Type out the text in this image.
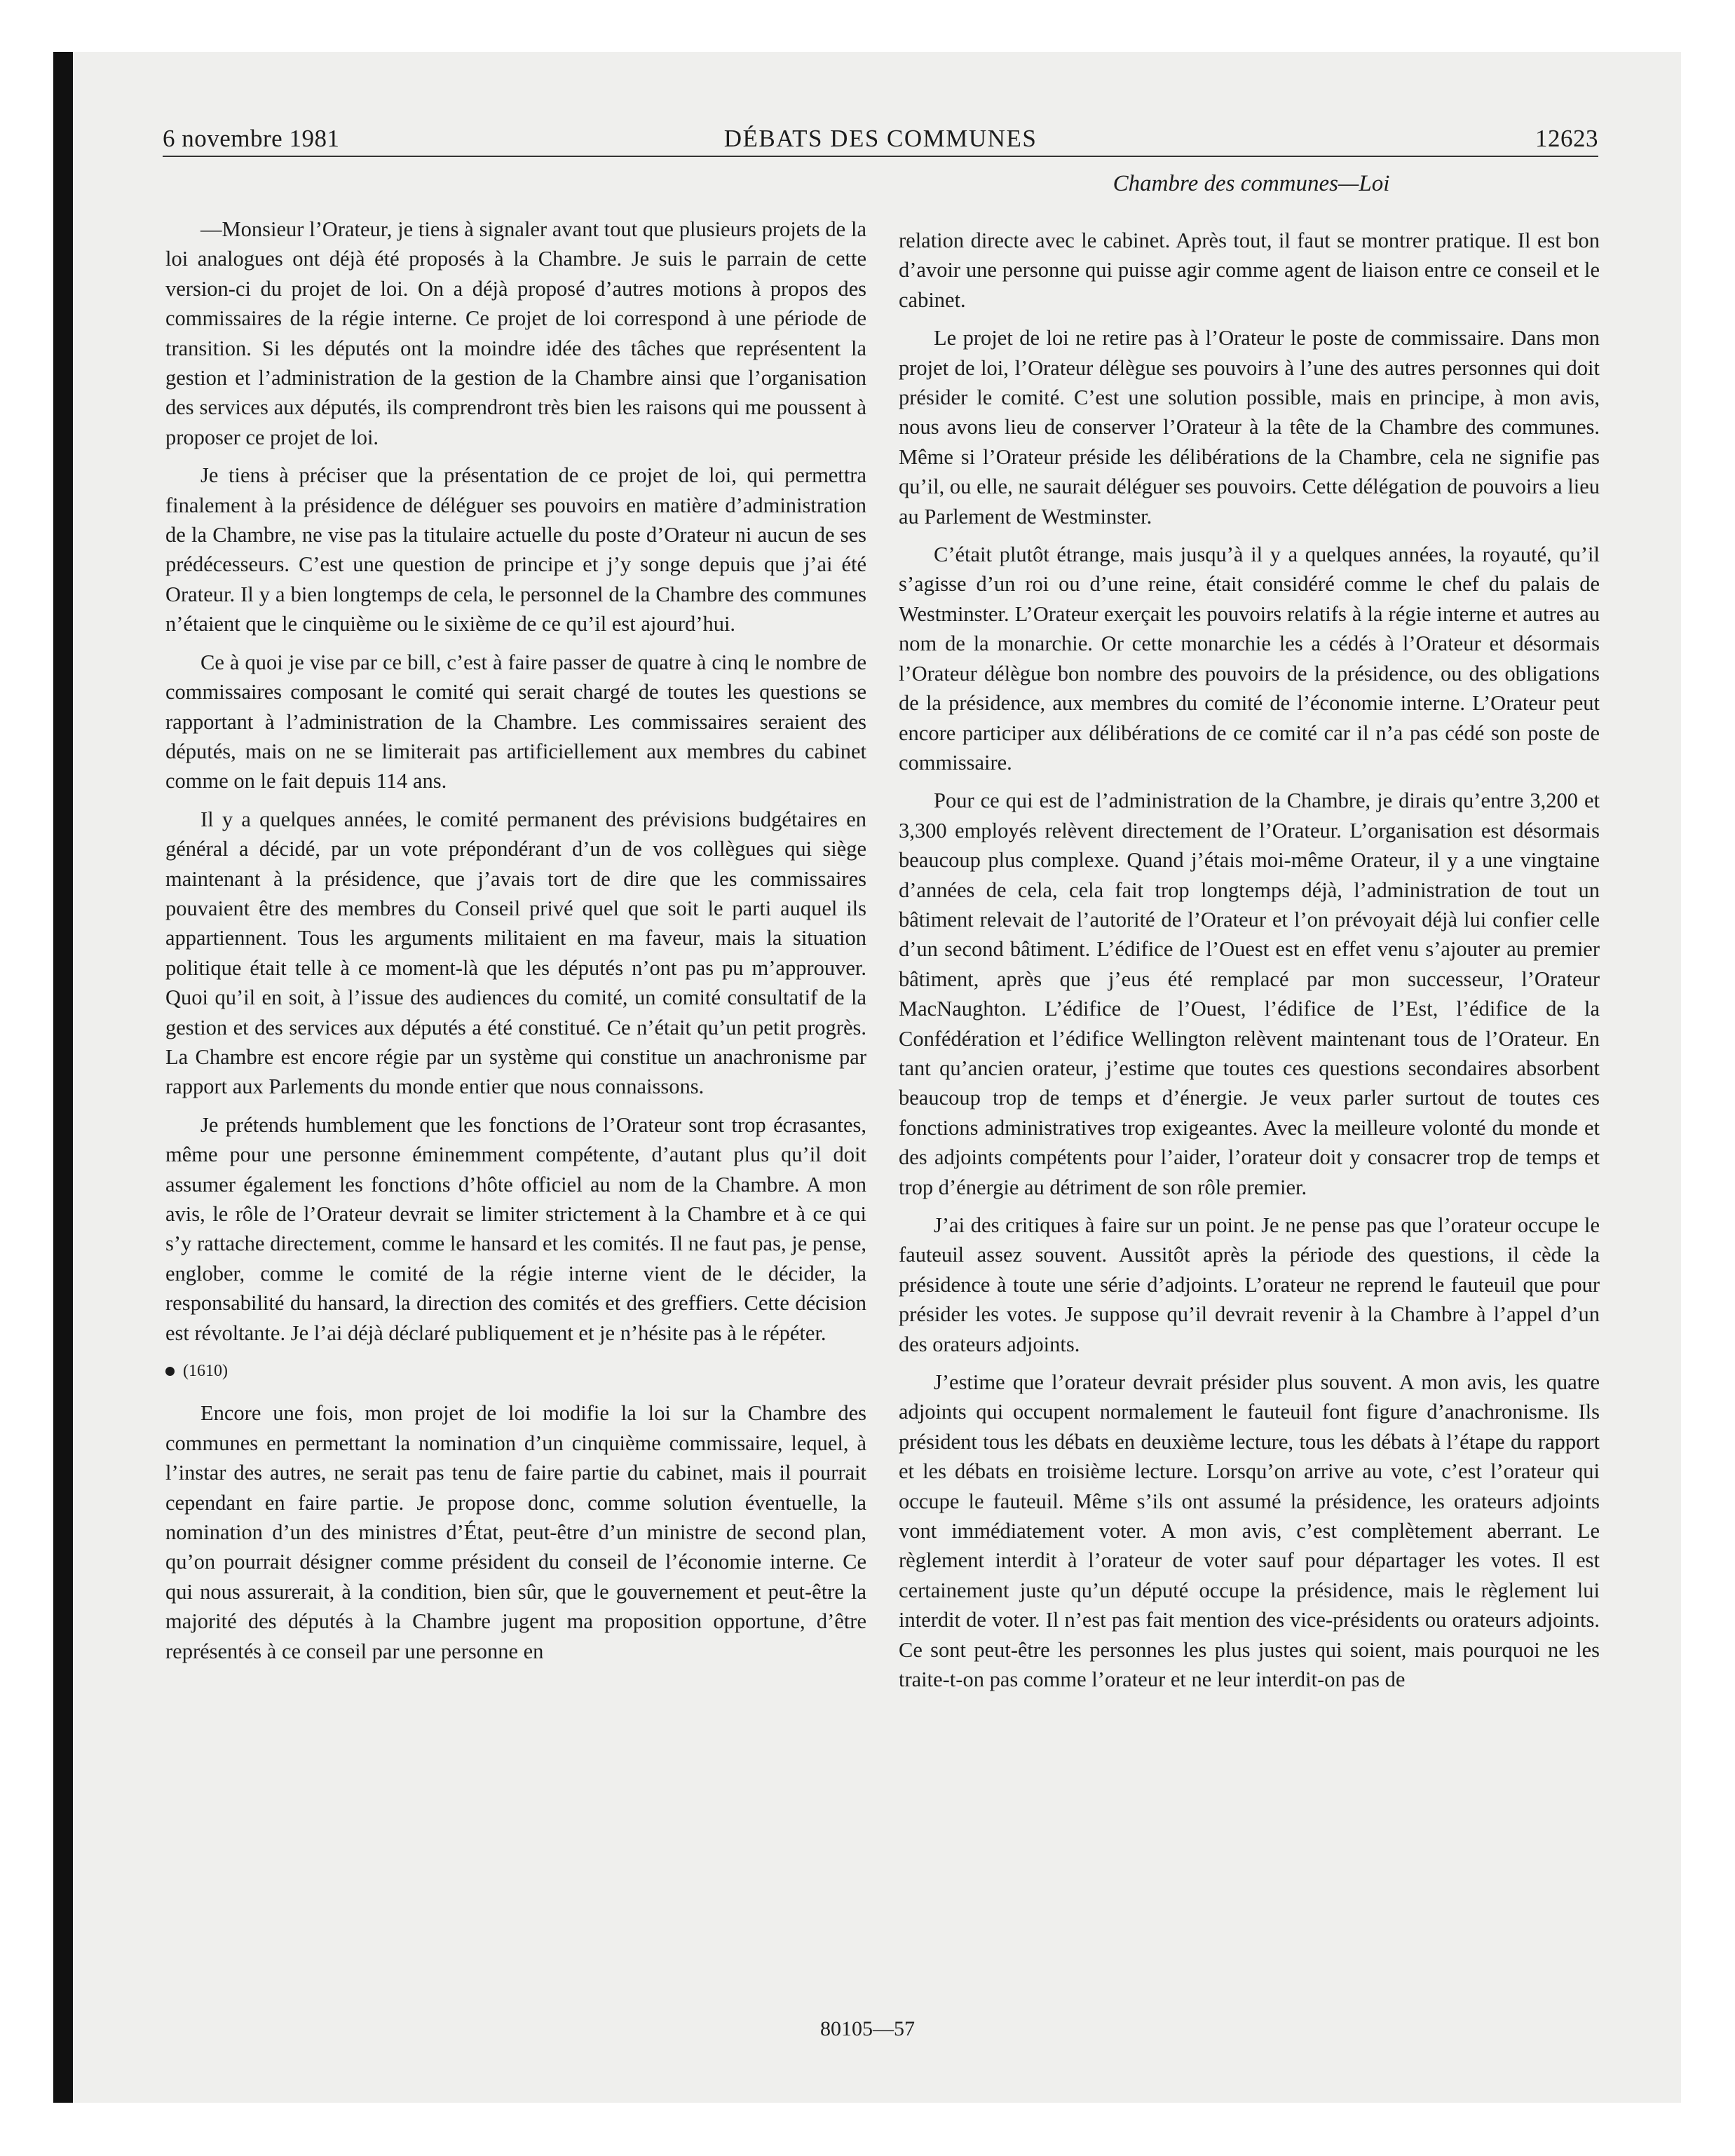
6 novembre 1981	DÉBATS DES COMMUNES	12623
Chambre des communes—Loi

—Monsieur l’Orateur, je tiens à signaler avant tout que plusieurs projets de la loi analogues ont déjà été proposés à la Chambre. Je suis le parrain de cette version-ci du projet de loi. On a déjà proposé d’autres motions à propos des commissaires de la régie interne. Ce projet de loi correspond à une période de transition. Si les députés ont la moindre idée des tâches que représentent la gestion et l’administration de la gestion de la Chambre ainsi que l’organisation des services aux députés, ils comprendront très bien les raisons qui me poussent à proposer ce projet de loi.

Je tiens à préciser que la présentation de ce projet de loi, qui permettra finalement à la présidence de déléguer ses pouvoirs en matière d’administration de la Chambre, ne vise pas la titulaire actuelle du poste d’Orateur ni aucun de ses prédécesseurs. C’est une question de principe et j’y songe depuis que j’ai été Orateur. Il y a bien longtemps de cela, le personnel de la Chambre des communes n’étaient que le cinquième ou le sixième de ce qu’il est ajourd’hui.

Ce à quoi je vise par ce bill, c’est à faire passer de quatre à cinq le nombre de commissaires composant le comité qui serait chargé de toutes les questions se rapportant à l’administration de la Chambre. Les commissaires seraient des députés, mais on ne se limiterait pas artificiellement aux membres du cabinet comme on le fait depuis 114 ans.

Il y a quelques années, le comité permanent des prévisions budgétaires en général a décidé, par un vote prépondérant d’un de vos collègues qui siège maintenant à la présidence, que j’avais tort de dire que les commissaires pouvaient être des membres du Conseil privé quel que soit le parti auquel ils appartiennent. Tous les arguments militaient en ma faveur, mais la situation politique était telle à ce moment-là que les députés n’ont pas pu m’approuver. Quoi qu’il en soit, à l’issue des audiences du comité, un comité consultatif de la gestion et des services aux députés a été constitué. Ce n’était qu’un petit progrès. La Chambre est encore régie par un système qui constitue un anachronisme par rapport aux Parlements du monde entier que nous connaissons.

Je prétends humblement que les fonctions de l’Orateur sont trop écrasantes, même pour une personne éminemment compétente, d’autant plus qu’il doit assumer également les fonctions d’hôte officiel au nom de la Chambre. A mon avis, le rôle de l’Orateur devrait se limiter strictement à la Chambre et à ce qui s’y rattache directement, comme le hansard et les comités. Il ne faut pas, je pense, englober, comme le comité de la régie interne vient de le décider, la responsabilité du hansard, la direction des comités et des greffiers. Cette décision est révoltante. Je l’ai déjà déclaré publiquement et je n’hésite pas à le répéter.

(1610)

Encore une fois, mon projet de loi modifie la loi sur la Chambre des communes en permettant la nomination d’un cinquième commissaire, lequel, à l’instar des autres, ne serait pas tenu de faire partie du cabinet, mais il pourrait cependant en faire partie. Je propose donc, comme solution éventuelle, la nomination d’un des ministres d’État, peut-être d’un ministre de second plan, qu’on pourrait désigner comme président du conseil de l’économie interne. Ce qui nous assurerait, à la condition, bien sûr, que le gouvernement et peut-être la majorité des députés à la Chambre jugent ma proposition opportune, d’être représentés à ce conseil par une personne en

relation directe avec le cabinet. Après tout, il faut se montrer pratique. Il est bon d’avoir une personne qui puisse agir comme agent de liaison entre ce conseil et le cabinet.

Le projet de loi ne retire pas à l’Orateur le poste de commissaire. Dans mon projet de loi, l’Orateur délègue ses pouvoirs à l’une des autres personnes qui doit présider le comité. C’est une solution possible, mais en principe, à mon avis, nous avons lieu de conserver l’Orateur à la tête de la Chambre des communes. Même si l’Orateur préside les délibérations de la Chambre, cela ne signifie pas qu’il, ou elle, ne saurait déléguer ses pouvoirs. Cette délégation de pouvoirs a lieu au Parlement de Westminster.

C’était plutôt étrange, mais jusqu’à il y a quelques années, la royauté, qu’il s’agisse d’un roi ou d’une reine, était considéré comme le chef du palais de Westminster. L’Orateur exerçait les pouvoirs relatifs à la régie interne et autres au nom de la monarchie. Or cette monarchie les a cédés à l’Orateur et désormais l’Orateur délègue bon nombre des pouvoirs de la présidence, ou des obligations de la présidence, aux membres du comité de l’économie interne. L’Orateur peut encore participer aux délibérations de ce comité car il n’a pas cédé son poste de commissaire.

Pour ce qui est de l’administration de la Chambre, je dirais qu’entre 3,200 et 3,300 employés relèvent directement de l’Orateur. L’organisation est désormais beaucoup plus complexe. Quand j’étais moi-même Orateur, il y a une vingtaine d’années de cela, cela fait trop longtemps déjà, l’administration de tout un bâtiment relevait de l’autorité de l’Orateur et l’on prévoyait déjà lui confier celle d’un second bâtiment. L’édifice de l’Ouest est en effet venu s’ajouter au premier bâtiment, après que j’eus été remplacé par mon successeur, l’Orateur MacNaughton. L’édifice de l’Ouest, l’édifice de l’Est, l’édifice de la Confédération et l’édifice Wellington relèvent maintenant tous de l’Orateur. En tant qu’ancien orateur, j’estime que toutes ces questions secondaires absorbent beaucoup trop de temps et d’énergie. Je veux parler surtout de toutes ces fonctions administratives trop exigeantes. Avec la meilleure volonté du monde et des adjoints compétents pour l’aider, l’orateur doit y consacrer trop de temps et trop d’énergie au détriment de son rôle premier.

J’ai des critiques à faire sur un point. Je ne pense pas que l’orateur occupe le fauteuil assez souvent. Aussitôt après la période des questions, il cède la présidence à toute une série d’adjoints. L’orateur ne reprend le fauteuil que pour présider les votes. Je suppose qu’il devrait revenir à la Chambre à l’appel d’un des orateurs adjoints.

J’estime que l’orateur devrait présider plus souvent. A mon avis, les quatre adjoints qui occupent normalement le fauteuil font figure d’anachronisme. Ils président tous les débats en deuxième lecture, tous les débats à l’étape du rapport et les débats en troisième lecture. Lorsqu’on arrive au vote, c’est l’orateur qui occupe le fauteuil. Même s’ils ont assumé la présidence, les orateurs adjoints vont immédiatement voter. A mon avis, c’est complètement aberrant. Le règlement interdit à l’orateur de voter sauf pour départager les votes. Il est certainement juste qu’un député occupe la présidence, mais le règlement lui interdit de voter. Il n’est pas fait mention des vice-présidents ou orateurs adjoints. Ce sont peut-être les personnes les plus justes qui soient, mais pourquoi ne les traite-t-on pas comme l’orateur et ne leur interdit-on pas de

80105—57
